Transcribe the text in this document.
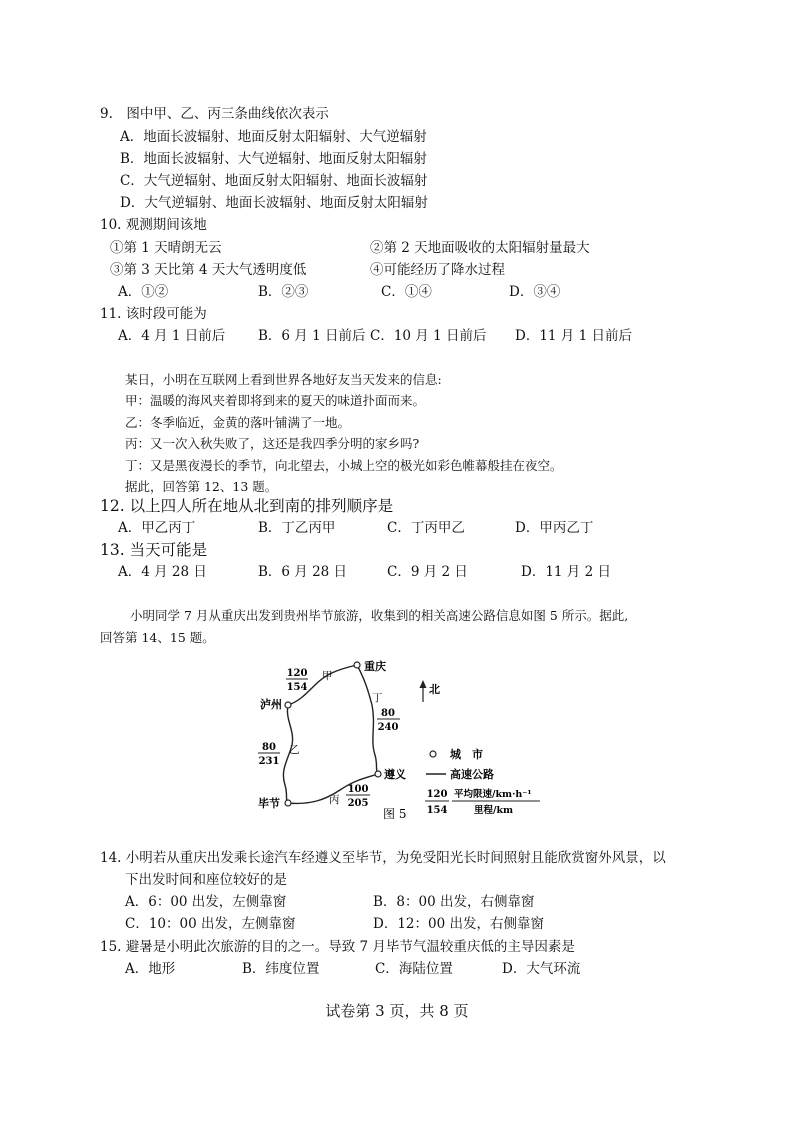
9.　图中甲、乙、丙三条曲线依次表示
A．地面长波辐射、地面反射太阳辐射、大气逆辐射
B．地面长波辐射、大气逆辐射、地面反射太阳辐射
C．大气逆辐射、地面反射太阳辐射、地面长波辐射
D．大气逆辐射、地面长波辐射、地面反射太阳辐射
10. 观测期间该地
①第 1 天晴朗无云	②第 2 天地面吸收的太阳辐射量最大
③第 3 天比第 4 天大气透明度低	④可能经历了降水过程
A．①②	B．②③	C．①④	D．③④
11. 该时段可能为
A．4 月 1 日前后 B．6 月 1 日前后 C．10 月 1 日前后 D．11 月 1 日前后
某日，小明在互联网上看到世界各地好友当天发来的信息:
甲：温暖的海风夹着即将到来的夏天的味道扑面而来。
乙：冬季临近，金黄的落叶铺满了一地。
丙：又一次入秋失败了，这还是我四季分明的家乡吗?
丁：又是黑夜漫长的季节，向北望去，小城上空的极光如彩色帷幕般挂在夜空。
据此，回答第 12、13 题。
12. 以上四人所在地从北到南的排列顺序是
A．甲乙丙丁	B．丁乙丙甲	C．丁丙甲乙	D．甲丙乙丁
13. 当天可能是
A．4 月 28 日	B．6 月 28 日	C．9 月 2 日	D．11 月 2 日
小明同学 7 月从重庆出发到贵州毕节旅游，收集到的相关高速公路信息如图 5 所示。据此,
回答第 14、15 题。
重庆
泸州
遵义
毕节
120
154
甲
80
231
乙
丙
100
205
丁
80
240
北
城　市
高速公路
120
154
平均限速/km·h⁻¹
里程/km
图 5
14. 小明若从重庆出发乘长途汽车经遵义至毕节，为免受阳光长时间照射且能欣赏窗外风景，以
下出发时间和座位较好的是
A．6：00 出发，左侧靠窗	B．8：00 出发，右侧靠窗
C．10：00 出发，左侧靠窗	D．12：00 出发，右侧靠窗
15. 避暑是小明此次旅游的目的之一。导致 7 月毕节气温较重庆低的主导因素是
A．地形	B．纬度位置	C．海陆位置	D．大气环流
试卷第 3 页，共 8 页
